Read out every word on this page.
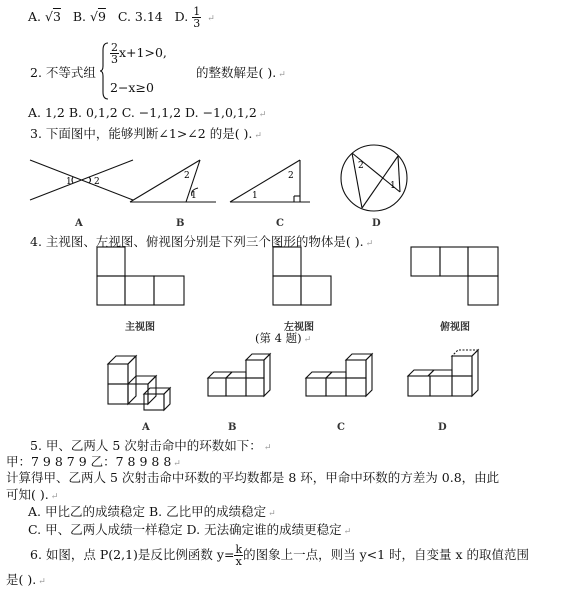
A. √3 B. √9 C. 3.14 D. $\frac{1}{3}$ ↵
2. 不等式组
$\frac{2}{3} x+1>0$,
2−x≥0
的整数解是( ). ↵
A. 1,2 B. 0,1,2 C. −1,1,2 D. −1,0,1,2 ↵
3. 下面图中，能够判断∠1>∠2 的是( ). ↵
1 2
A
2
1
B
2
1
C
1
2
D
4. 主视图、左视图、俯视图分别是下列三个图形的物体是( ). ↵
主视图	左视图	俯视图
(第 4 题) ↵
A	B	C	D
5. 甲、乙两人 5 次射击命中的环数如下： ↵
甲：7 9 8 7 9 乙：7 8 9 8 8 ↵
计算得甲、乙两人 5 次射击命中环数的平均数都是 8 环，甲命中环数的方差为 0.8，由此
可知( ). ↵
A. 甲比乙的成绩稳定 B. 乙比甲的成绩稳定 ↵
C. 甲、乙两人成绩一样稳定 D. 无法确定谁的成绩更稳定 ↵
6. 如图，点 P(2,1)是反比例函数 $y= \frac{k}{x}$ 的图象上一点，则当 y<1 时，自变量 x 的取值范围
是( ). ↵
